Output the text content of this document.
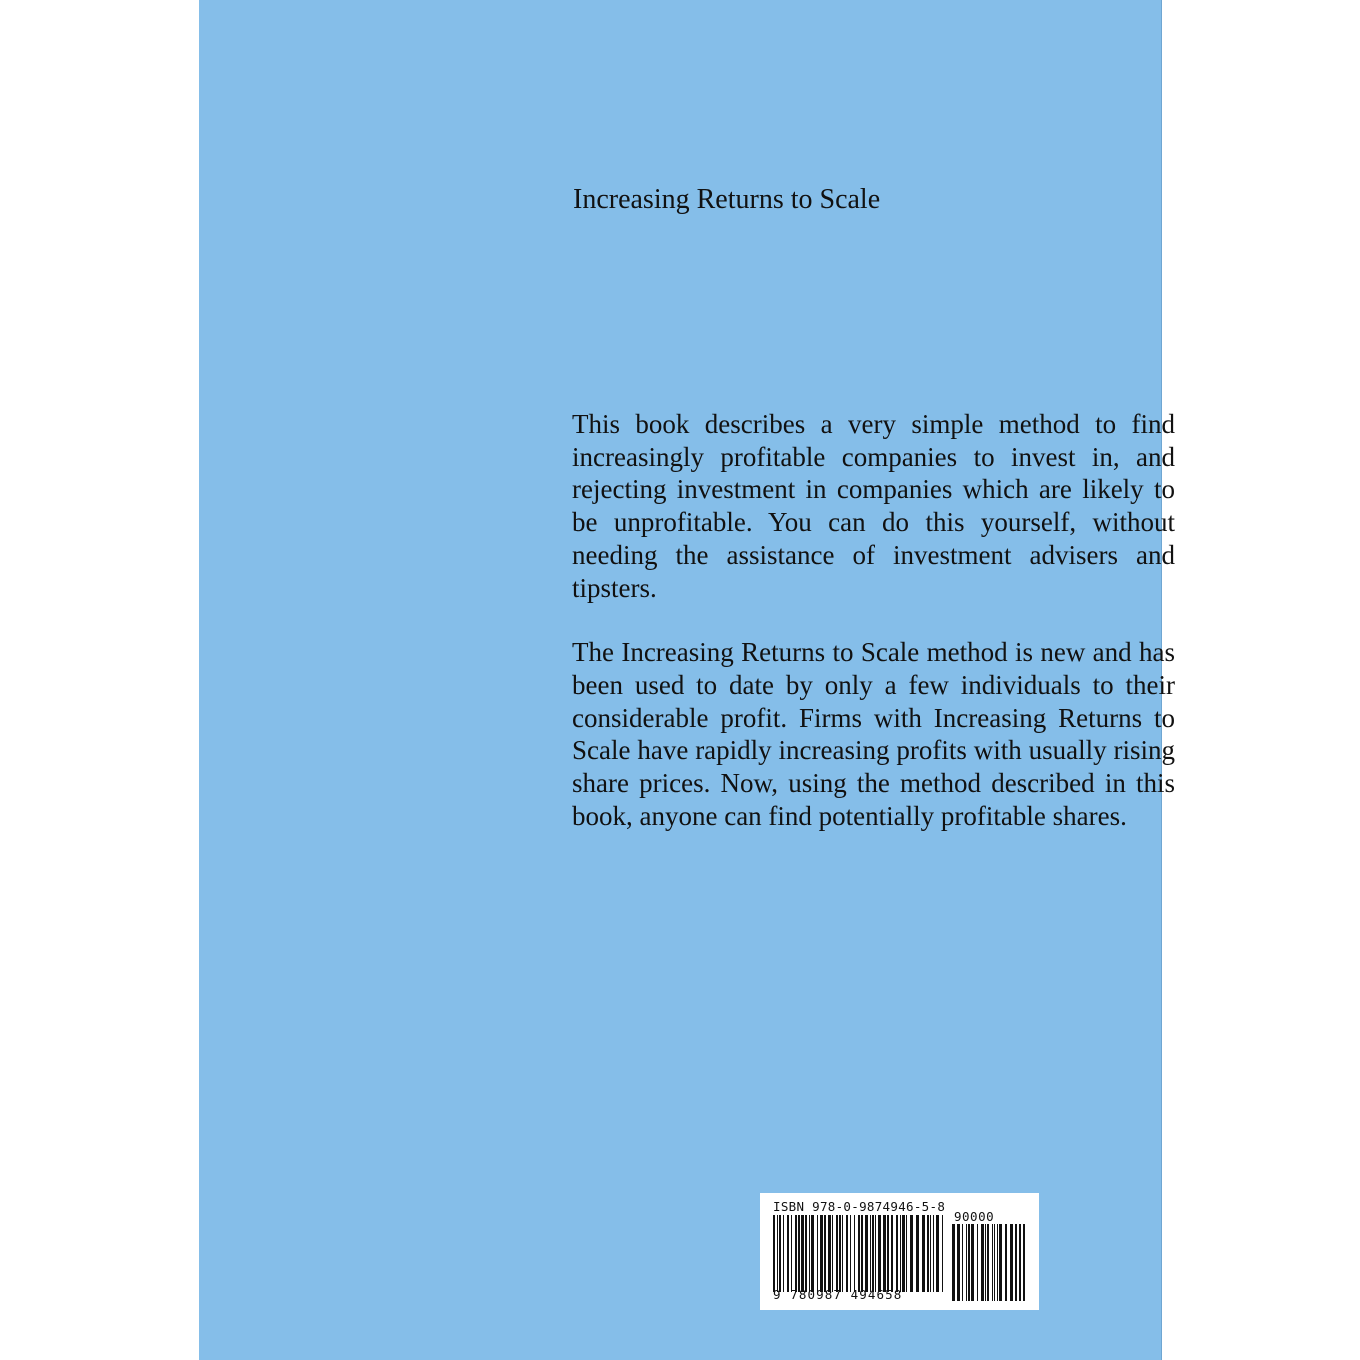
Increasing Returns to Scale

This book describes a very simple method to find increasingly profitable companies to invest in, and rejecting investment in companies which are likely to be unprofitable. You can do this yourself, without needing the assistance of investment advisers and tipsters.

The Increasing Returns to Scale method is new and has been used to date by only a few individuals to their considerable profit. Firms with Increasing Returns to Scale have rapidly increasing profits with usually rising share prices. Now, using the method described in this book, anyone can find potentially profitable shares.

ISBN 978-0-9874946-5-8
90000
9 780987 494658
